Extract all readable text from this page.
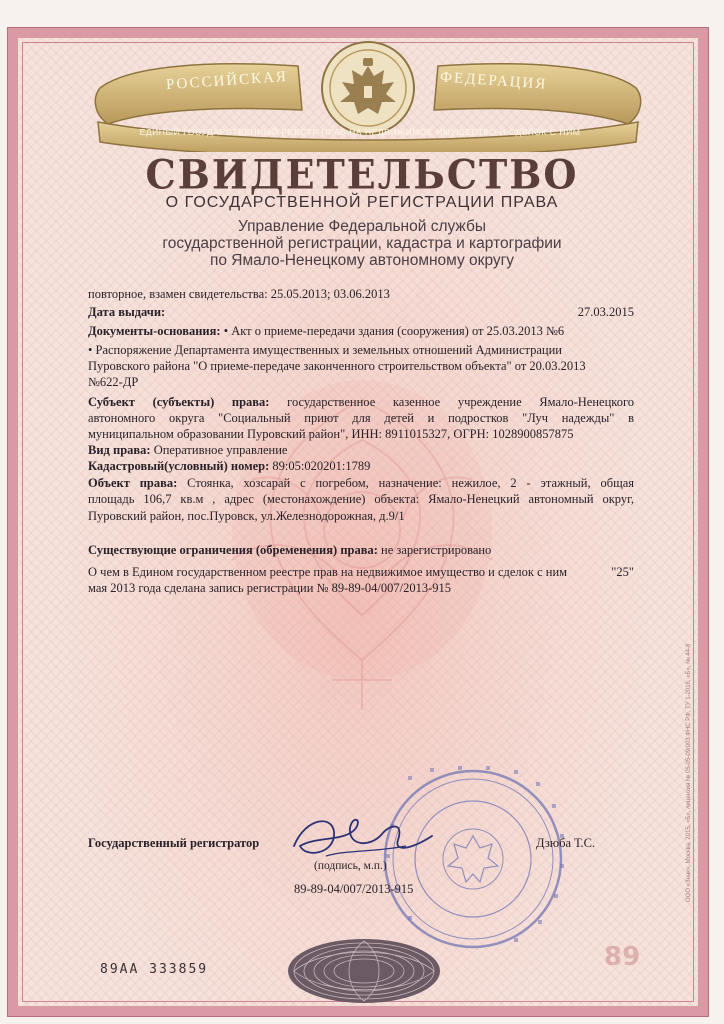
РОССИЙСКАЯ	ФЕДЕРАЦИЯ
ЕДИНЫЙ ГОСУДАРСТВЕННЫЙ РЕЕСТР ПРАВ НА НЕДВИЖИМОЕ ИМУЩЕСТВО И СДЕЛОК С НИМ
СВИДЕТЕЛЬСТВО
О ГОСУДАРСТВЕННОЙ РЕГИСТРАЦИИ ПРАВА
Управление Федеральной службы
государственной регистрации, кадастра и картографии
по Ямало-Ненецкому автономному округу
повторное, взамен свидетельства: 25.05.2013; 03.06.2013
Дата выдачи:	27.03.2015
Документы-основания: • Акт о приеме-передачи здания (сооружения) от 25.03.2013 №6
• Распоряжение Департамента имущественных и земельных отношений Администрации
Пуровского района "О приеме-передаче законченного строительством объекта" от 20.03.2013
№622-ДР
Субъект (субъекты) права: государственное казенное учреждение Ямало-Ненецкого
автономного округа "Социальный приют для детей и подростков "Луч надежды" в
муниципальном образовании Пуровский район", ИНН: 8911015327, ОГРН: 1028900857875
Вид права: Оперативное управление
Кадастровый(условный) номер: 89:05:020201:1789
Объект права: Стоянка, хозсарай с погребом, назначение: нежилое, 2 - этажный, общая
площадь 106,7 кв.м , адрес (местонахождение) объекта: Ямало-Ненецкий автономный округ,
Пуровский район, пос.Пуровск, ул.Железнодорожная, д.9/1
Существующие ограничения (обременения) права: не зарегистрировано
О чем в Едином государственном реестре прав на недвижимое имущество и сделок с ним	"25"
мая 2013 года сделана запись регистрации № 89-89-04/007/2013-915
Государственный регистратор	Дзюба Т.С.
(подпись, м.п.)
89-89-04/007/2013-915
89АА 333859	89
ООО «Знак», Москва, 2015, «Б», лицензия № 05-05-09/003 ФНС РФ, ТУ 1-2016, «Б», № 44-8
